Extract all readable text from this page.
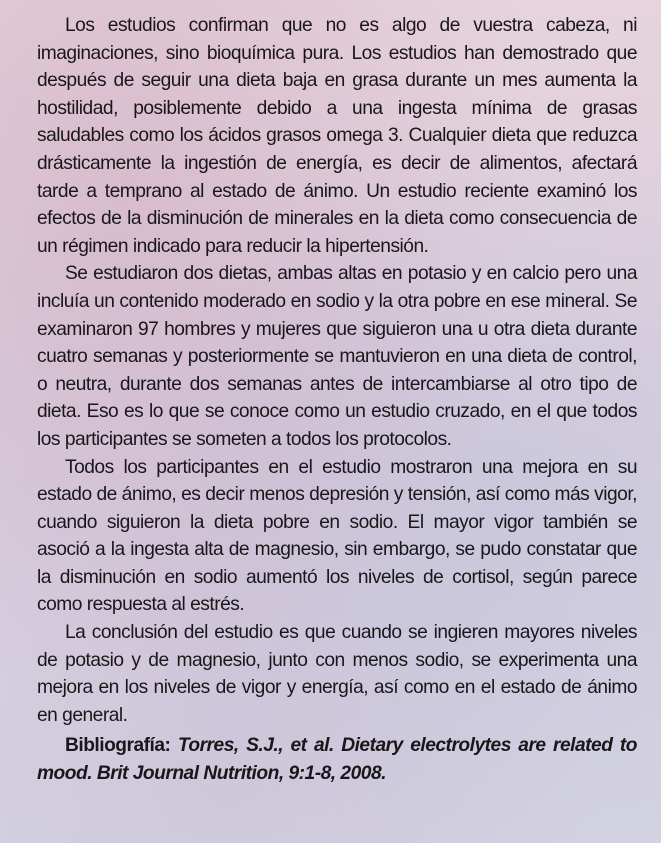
Los estudios confirman que no es algo de vuestra cabeza, ni imaginaciones, sino bioquímica pura. Los estudios han demostrado que después de seguir una dieta baja en grasa durante un mes aumenta la hostilidad, posiblemente debido a una ingesta mínima de grasas saludables como los ácidos grasos omega 3. Cualquier dieta que reduzca drásticamente la ingestión de energía, es decir de alimentos, afectará tarde a temprano al estado de ánimo. Un estudio reciente examinó los efectos de la disminución de minerales en la dieta como consecuencia de un régimen indicado para reducir la hipertensión.

Se estudiaron dos dietas, ambas altas en potasio y en calcio pero una incluía un contenido moderado en sodio y la otra pobre en ese mineral. Se examinaron 97 hombres y mujeres que siguieron una u otra dieta durante cuatro semanas y posteriormente se mantuvieron en una dieta de control, o neutra, durante dos semanas antes de intercambiarse al otro tipo de dieta. Eso es lo que se conoce como un estudio cruzado, en el que todos los participantes se someten a todos los protocolos.

Todos los participantes en el estudio mostraron una mejora en su estado de ánimo, es decir menos depresión y tensión, así como más vigor, cuando siguieron la dieta pobre en sodio. El mayor vigor también se asoció a la ingesta alta de magnesio, sin embargo, se pudo constatar que la disminución en sodio aumentó los niveles de cortisol, según parece como respuesta al estrés.

La conclusión del estudio es que cuando se ingieren mayores niveles de potasio y de magnesio, junto con menos sodio, se experimenta una mejora en los niveles de vigor y energía, así como en el estado de ánimo en general.

Bibliografía: Torres, S.J., et al. Dietary electrolytes are related to mood. Brit Journal Nutrition, 9:1-8, 2008.
